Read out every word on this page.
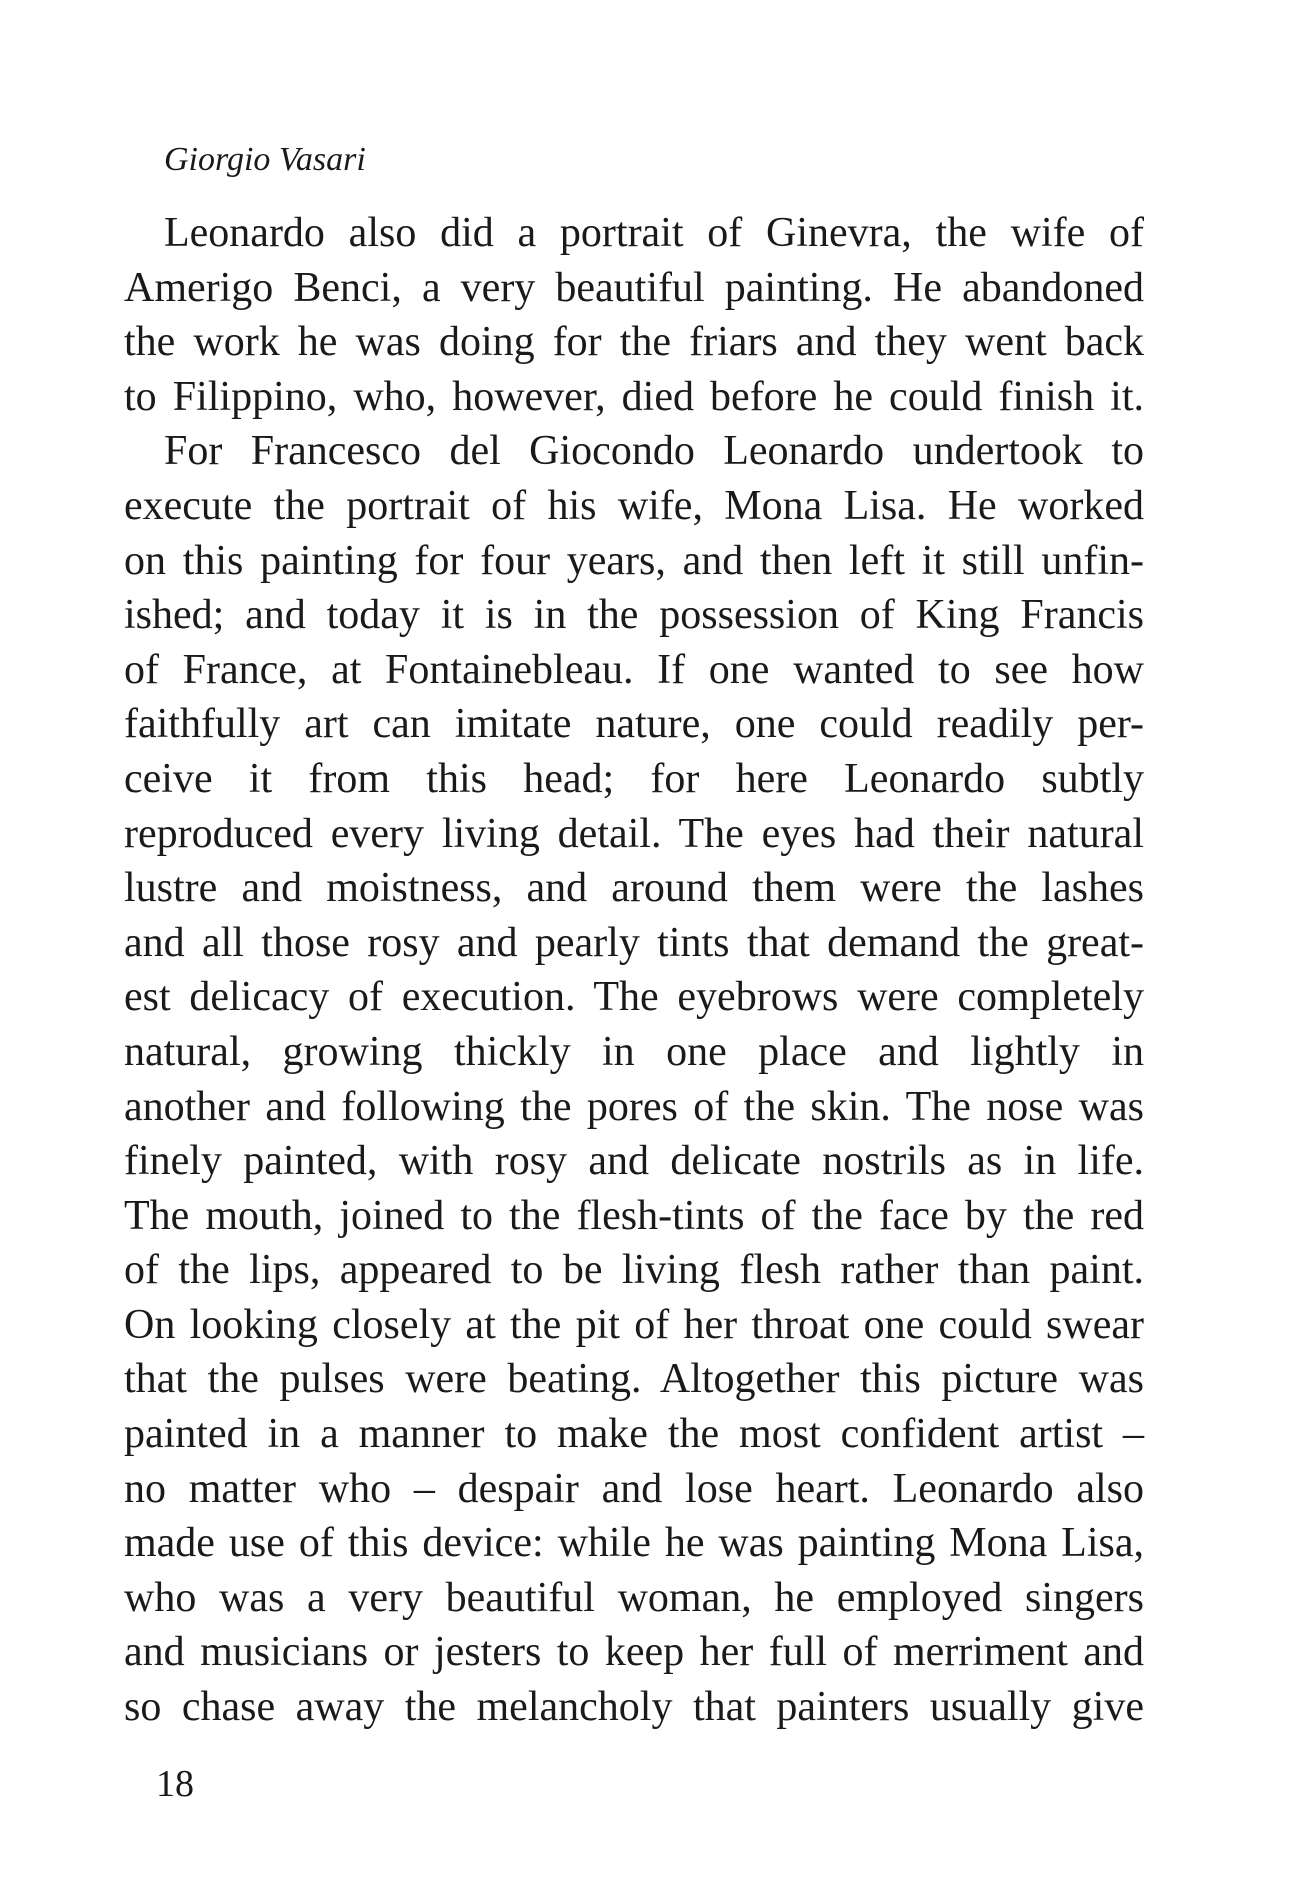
Giorgio Vasari
Leonardo also did a portrait of Ginevra, the wife of
Amerigo Benci, a very beautiful painting. He abandoned
the work he was doing for the friars and they went back
to Filippino, who, however, died before he could finish it.
For Francesco del Giocondo Leonardo undertook to
execute the portrait of his wife, Mona Lisa. He worked
on this painting for four years, and then left it still unfin-
ished; and today it is in the possession of King Francis
of France, at Fontainebleau. If one wanted to see how
faithfully art can imitate nature, one could readily per-
ceive it from this head; for here Leonardo subtly
reproduced every living detail. The eyes had their natural
lustre and moistness, and around them were the lashes
and all those rosy and pearly tints that demand the great-
est delicacy of execution. The eyebrows were completely
natural, growing thickly in one place and lightly in
another and following the pores of the skin. The nose was
finely painted, with rosy and delicate nostrils as in life.
The mouth, joined to the flesh-tints of the face by the red
of the lips, appeared to be living flesh rather than paint.
On looking closely at the pit of her throat one could swear
that the pulses were beating. Altogether this picture was
painted in a manner to make the most confident artist –
no matter who – despair and lose heart. Leonardo also
made use of this device: while he was painting Mona Lisa,
who was a very beautiful woman, he employed singers
and musicians or jesters to keep her full of merriment and
so chase away the melancholy that painters usually give
18
